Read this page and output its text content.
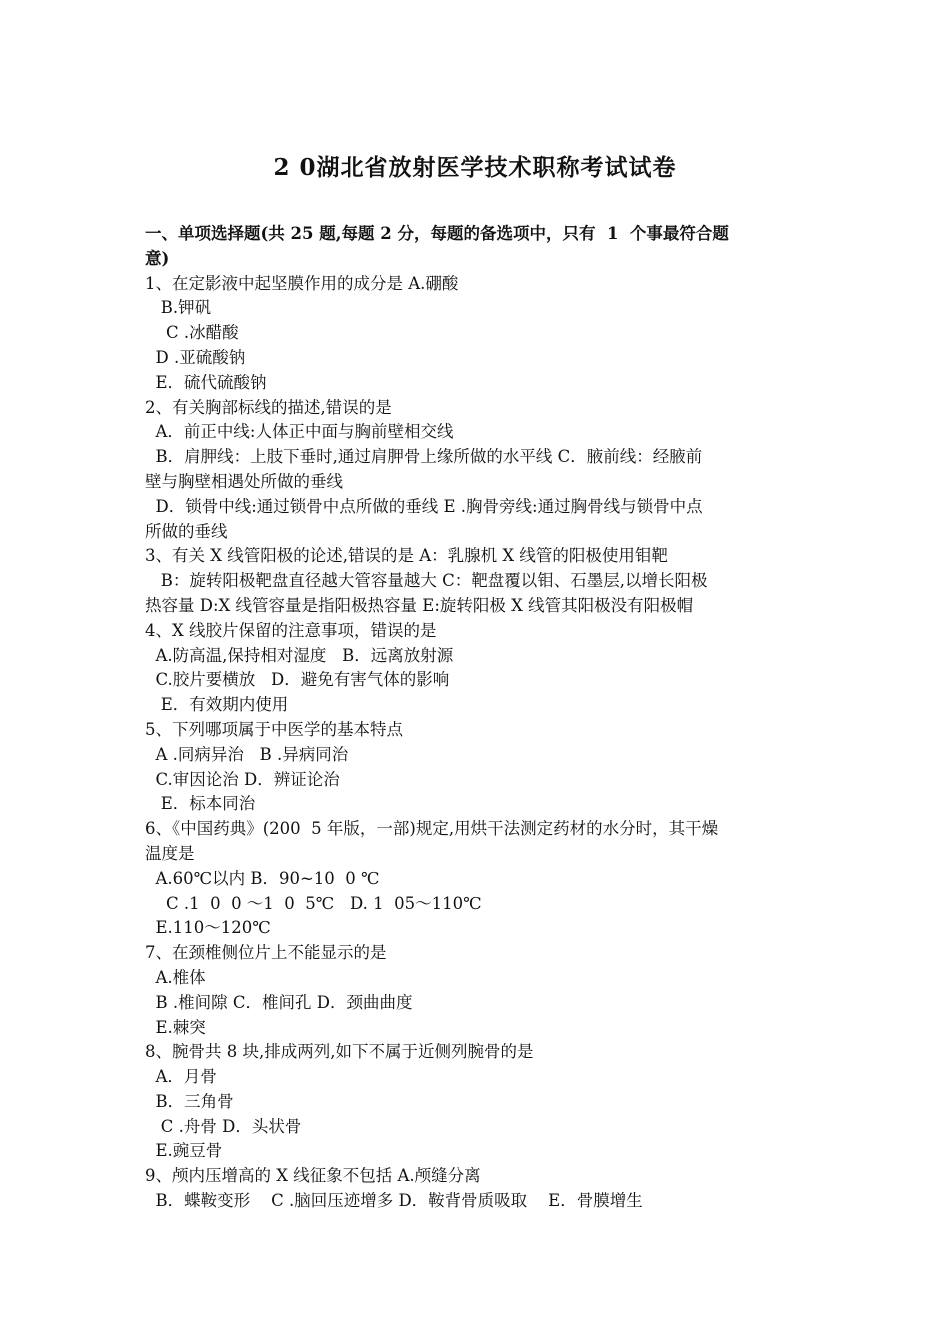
2 0湖北省放射医学技术职称考试试卷
一、单项选择题(共 25 题,每题 2 分，每题的备选项中，只有  1  个事最符合题
意)
1、在定影液中起坚膜作用的成分是 A.硼酸
B.钾矾
C .冰醋酸
D .亚硫酸钠
E．硫代硫酸钠
2、有关胸部标线的描述,错误的是
A．前正中线:人体正中面与胸前壁相交线
B．肩胛线：上肢下垂时,通过肩胛骨上缘所做的水平线 C．腋前线：经腋前
壁与胸壁相遇处所做的垂线
D．锁骨中线:通过锁骨中点所做的垂线 E .胸骨旁线:通过胸骨线与锁骨中点
所做的垂线
3、有关 X 线管阳极的论述,错误的是 A：乳腺机 X 线管的阳极使用钼靶
B：旋转阳极靶盘直径越大管容量越大 C：靶盘覆以钼、石墨层,以增长阳极
热容量 D:X 线管容量是指阳极热容量 E:旋转阳极 X 线管其阳极没有阳极帽
4、X 线胶片保留的注意事项，错误的是
A.防高温,保持相对湿度   B．远离放射源
C.胶片要横放   D．避免有害气体的影响
E．有效期内使用
5、下列哪项属于中医学的基本特点
A .同病异治   B .异病同治
C.审因论治 D．辨证论治
E．标本同治
6、《中国药典》(200  5 年版，一部)规定,用烘干法测定药材的水分时，其干燥
温度是
A.60℃以内 B．90~10  0 ℃
C .1  0  0 ～1  0  5℃   D. 1  05～110℃
E.110～120℃
7、在颈椎侧位片上不能显示的是
A.椎体
B .椎间隙 C．椎间孔 D．颈曲曲度
E.棘突
8、腕骨共 8 块,排成两列,如下不属于近侧列腕骨的是
A．月骨
B．三角骨
C .舟骨 D．头状骨
E.豌豆骨
9、颅内压增高的 X 线征象不包括 A.颅缝分离
B．蝶鞍变形    C .脑回压迹增多 D．鞍背骨质吸取    E．骨膜增生
